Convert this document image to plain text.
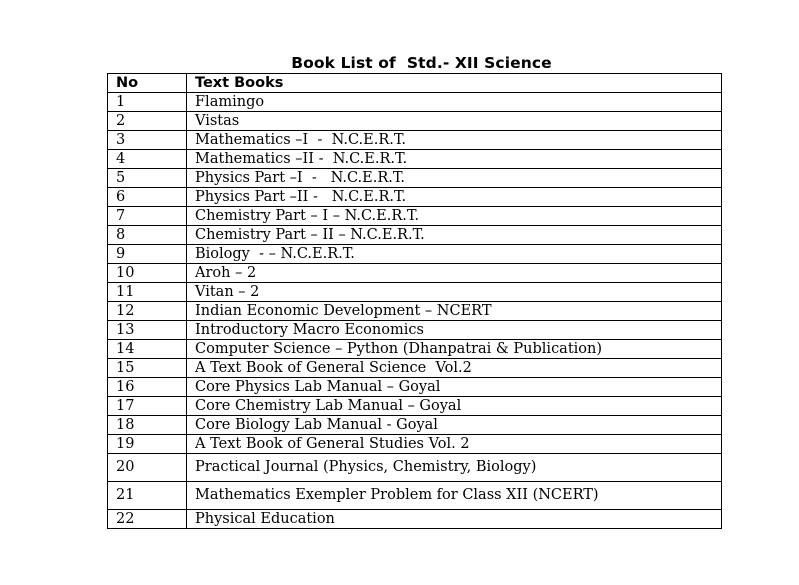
Book List of  Std.- XII Science
No	Text Books
1	Flamingo
2	Vistas
3	Mathematics –I  -  N.C.E.R.T.
4	Mathematics –II -  N.C.E.R.T.
5	Physics Part –I  -   N.C.E.R.T.
6	Physics Part –II -   N.C.E.R.T.
7	Chemistry Part – I – N.C.E.R.T.
8	Chemistry Part – II – N.C.E.R.T.
9	Biology  - – N.C.E.R.T.
10	Aroh – 2
11	Vitan – 2
12	Indian Economic Development – NCERT
13	Introductory Macro Economics
14	Computer Science – Python (Dhanpatrai & Publication)
15	A Text Book of General Science  Vol.2
16	Core Physics Lab Manual – Goyal
17	Core Chemistry Lab Manual – Goyal
18	Core Biology Lab Manual - Goyal
19	A Text Book of General Studies Vol. 2
20	Practical Journal (Physics, Chemistry, Biology)
21	Mathematics Exempler Problem for Class XII (NCERT)
22	Physical Education
